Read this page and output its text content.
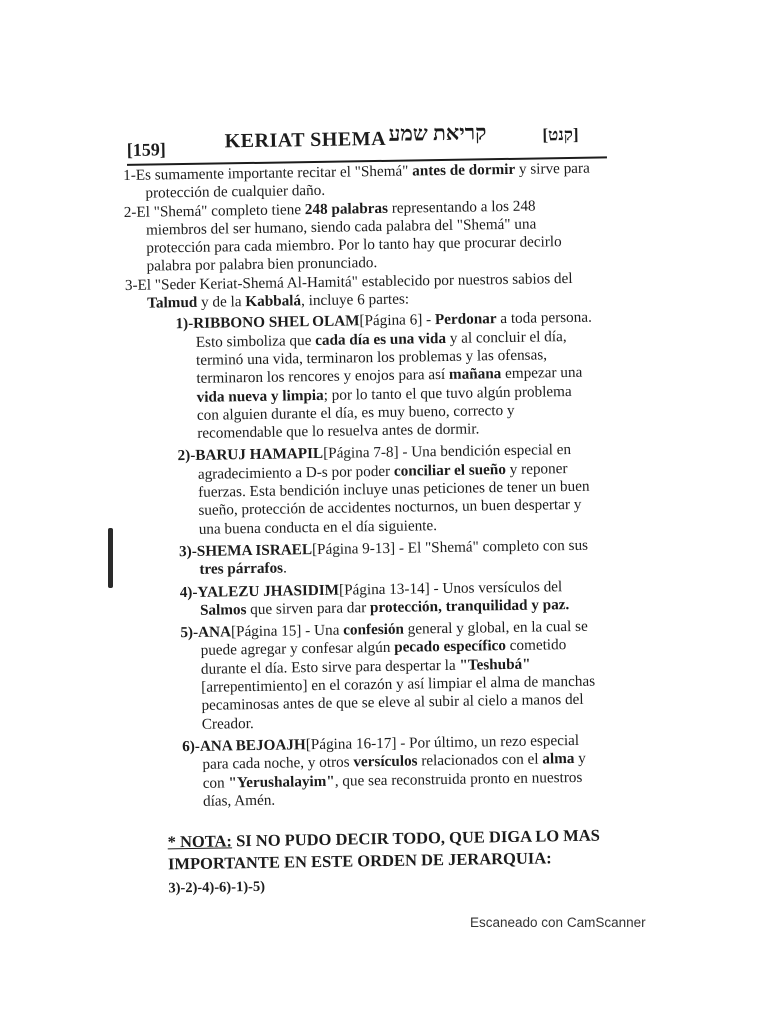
[159]	KERIAT SHEMA קריאת שמע	[קנט]

1-Es sumamente importante recitar el "Shemá" antes de dormir y sirve para protección de cualquier daño.

2-El "Shemá" completo tiene 248 palabras representando a los 248 miembros del ser humano, siendo cada palabra del "Shemá" una protección para cada miembro. Por lo tanto hay que procurar decirlo palabra por palabra bien pronunciado.

3-El "Seder Keriat-Shemá Al-Hamitá" establecido por nuestros sabios del Talmud y de la Kabbalá, incluye 6 partes:

1)-RIBBONO SHEL OLAM[Página 6] - Perdonar a toda persona. Esto simboliza que cada día es una vida y al concluir el día, terminó una vida, terminaron los problemas y las ofensas, terminaron los rencores y enojos para así mañana empezar una vida nueva y limpia; por lo tanto el que tuvo algún problema con alguien durante el día, es muy bueno, correcto y recomendable que lo resuelva antes de dormir.

2)-BARUJ HAMAPIL[Página 7-8] - Una bendición especial en agradecimiento a D-s por poder conciliar el sueño y reponer fuerzas. Esta bendición incluye unas peticiones de tener un buen sueño, protección de accidentes nocturnos, un buen despertar y una buena conducta en el día siguiente.

3)-SHEMA ISRAEL[Página 9-13] - El "Shemá" completo con sus tres párrafos.

4)-YALEZU JHASIDIM[Página 13-14] - Unos versículos del Salmos que sirven para dar protección, tranquilidad y paz.

5)-ANA[Página 15] - Una confesión general y global, en la cual se puede agregar y confesar algún pecado específico cometido durante el día. Esto sirve para despertar la "Teshubá" [arrepentimiento] en el corazón y así limpiar el alma de manchas pecaminosas antes de que se eleve al subir al cielo a manos del Creador.

6)-ANA BEJOAJH[Página 16-17] - Por último, un rezo especial para cada noche, y otros versículos relacionados con el alma y con "Yerushalayim", que sea reconstruida pronto en nuestros días, Amén.

* NOTA: SI NO PUDO DECIR TODO, QUE DIGA LO MAS IMPORTANTE EN ESTE ORDEN DE JERARQUIA:
3)-2)-4)-6)-1)-5)
Escaneado con CamScanner
